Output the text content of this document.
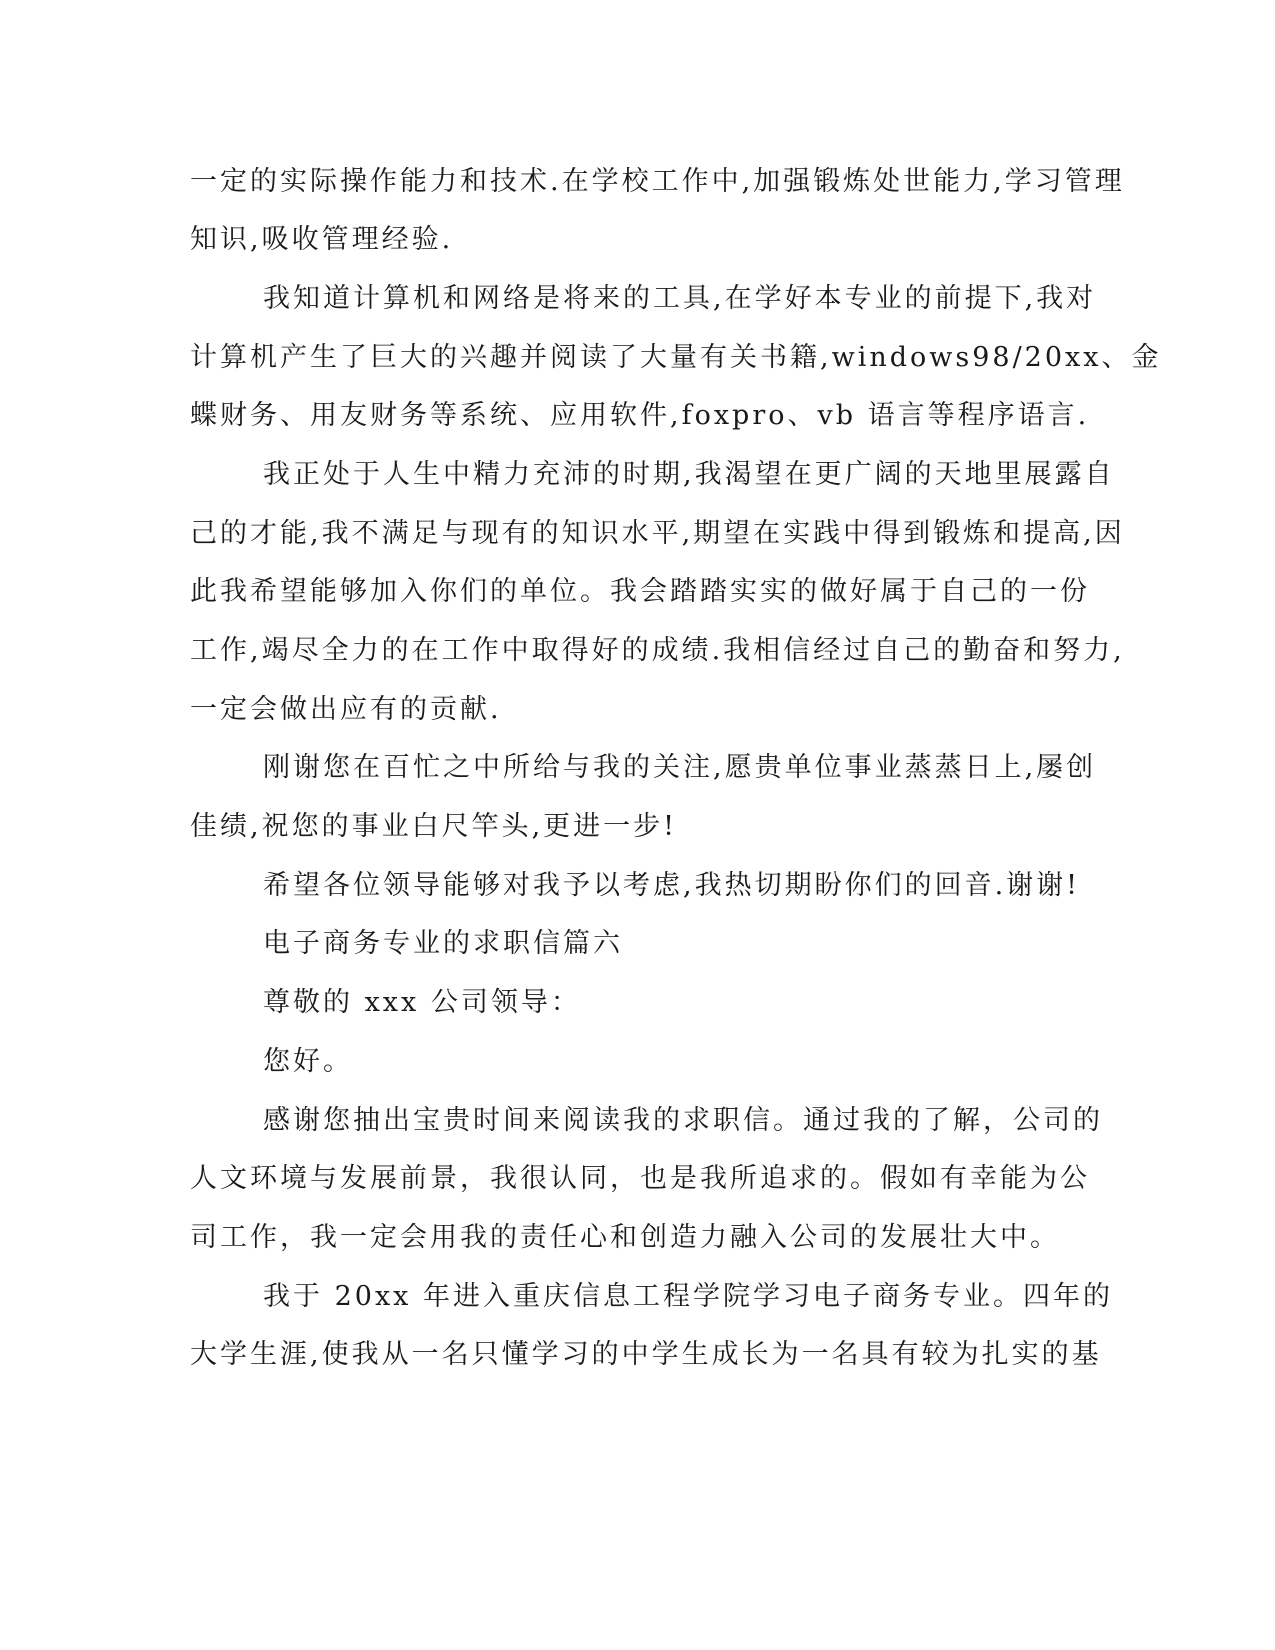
一定的实际操作能力和技术.在学校工作中,加强锻炼处世能力,学习管理
知识,吸收管理经验.
我知道计算机和网络是将来的工具,在学好本专业的前提下,我对
计算机产生了巨大的兴趣并阅读了大量有关书籍,windows98/20xx、金
蝶财务、用友财务等系统、应用软件,foxpro、vb 语言等程序语言.
我正处于人生中精力充沛的时期,我渴望在更广阔的天地里展露自
己的才能,我不满足与现有的知识水平,期望在实践中得到锻炼和提高,因
此我希望能够加入你们的单位。我会踏踏实实的做好属于自己的一份
工作,竭尽全力的在工作中取得好的成绩.我相信经过自己的勤奋和努力,
一定会做出应有的贡献.
刚谢您在百忙之中所给与我的关注,愿贵单位事业蒸蒸日上,屡创
佳绩,祝您的事业白尺竿头,更进一步!
希望各位领导能够对我予以考虑,我热切期盼你们的回音.谢谢!
电子商务专业的求职信篇六
尊敬的 xxx 公司领导：
您好。
感谢您抽出宝贵时间来阅读我的求职信。通过我的了解，公司的
人文环境与发展前景，我很认同，也是我所追求的。假如有幸能为公
司工作，我一定会用我的责任心和创造力融入公司的发展壮大中。
我于 20xx 年进入重庆信息工程学院学习电子商务专业。四年的
大学生涯,使我从一名只懂学习的中学生成长为一名具有较为扎实的基
